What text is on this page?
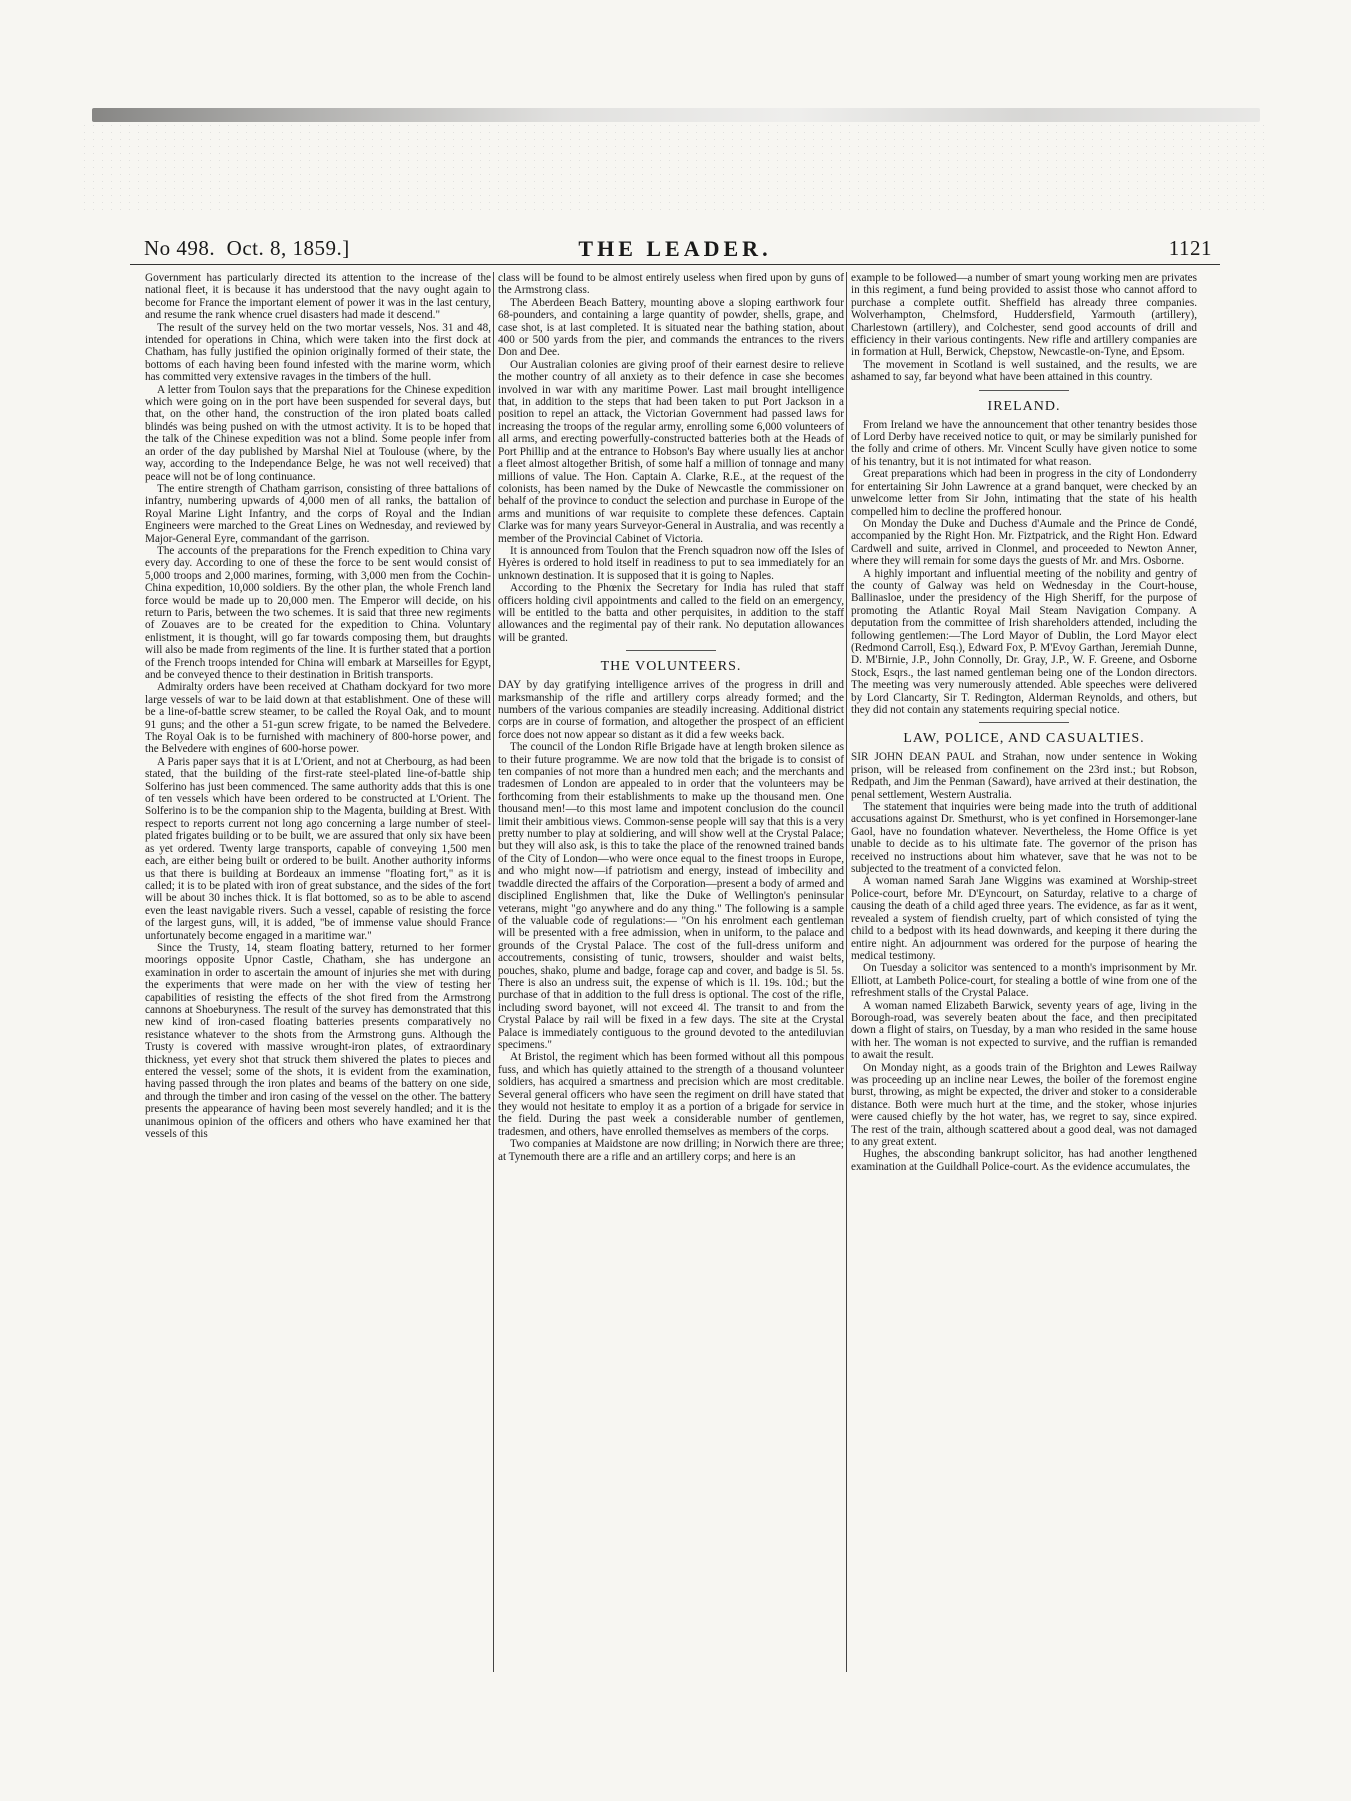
No 498. Oct. 8, 1859.]	THE LEADER.	1121

Government has particularly directed its attention to the increase of the national fleet, it is because it has understood that the navy ought again to become for France the important element of power it was in the last century, and resume the rank whence cruel disasters had made it descend."

The result of the survey held on the two mortar vessels, Nos. 31 and 48, intended for operations in China, which were taken into the first dock at Chatham, has fully justified the opinion originally formed of their state, the bottoms of each having been found infested with the marine worm, which has committed very extensive ravages in the timbers of the hull.

A letter from Toulon says that the preparations for the Chinese expedition which were going on in the port have been suspended for several days, but that, on the other hand, the construction of the iron plated boats called blindés was being pushed on with the utmost activity. It is to be hoped that the talk of the Chinese expedition was not a blind. Some people infer from an order of the day published by Marshal Niel at Toulouse (where, by the way, according to the Independance Belge, he was not well received) that peace will not be of long continuance.

The entire strength of Chatham garrison, consisting of three battalions of infantry, numbering upwards of 4,000 men of all ranks, the battalion of Royal Marine Light Infantry, and the corps of Royal and the Indian Engineers were marched to the Great Lines on Wednesday, and reviewed by Major-General Eyre, commandant of the garrison.

The accounts of the preparations for the French expedition to China vary every day. According to one of these the force to be sent would consist of 5,000 troops and 2,000 marines, forming, with 3,000 men from the Cochin-China expedition, 10,000 soldiers. By the other plan, the whole French land force would be made up to 20,000 men. The Emperor will decide, on his return to Paris, between the two schemes. It is said that three new regiments of Zouaves are to be created for the expedition to China. Voluntary enlistment, it is thought, will go far towards composing them, but draughts will also be made from regiments of the line. It is further stated that a portion of the French troops intended for China will embark at Marseilles for Egypt, and be conveyed thence to their destination in British transports.

Admiralty orders have been received at Chatham dockyard for two more large vessels of war to be laid down at that establishment. One of these will be a line-of-battle screw steamer, to be called the Royal Oak, and to mount 91 guns; and the other a 51-gun screw frigate, to be named the Belvedere. The Royal Oak is to be furnished with machinery of 800-horse power, and the Belvedere with engines of 600-horse power.

A Paris paper says that it is at L'Orient, and not at Cherbourg, as had been stated, that the building of the first-rate steel-plated line-of-battle ship Solferino has just been commenced. The same authority adds that this is one of ten vessels which have been ordered to be constructed at L'Orient. The Solferino is to be the companion ship to the Magenta, building at Brest. With respect to reports current not long ago concerning a large number of steel-plated frigates building or to be built, we are assured that only six have been as yet ordered. Twenty large transports, capable of conveying 1,500 men each, are either being built or ordered to be built. Another authority informs us that there is building at Bordeaux an immense "floating fort," as it is called; it is to be plated with iron of great substance, and the sides of the fort will be about 30 inches thick. It is flat bottomed, so as to be able to ascend even the least navigable rivers. Such a vessel, capable of resisting the force of the largest guns, will, it is added, "be of immense value should France unfortunately become engaged in a maritime war."

Since the Trusty, 14, steam floating battery, returned to her former moorings opposite Upnor Castle, Chatham, she has undergone an examination in order to ascertain the amount of injuries she met with during the experiments that were made on her with the view of testing her capabilities of resisting the effects of the shot fired from the Armstrong cannons at Shoeburyness. The result of the survey has demonstrated that this new kind of iron-cased floating batteries presents comparatively no resistance whatever to the shots from the Armstrong guns. Although the Trusty is covered with massive wrought-iron plates, of extraordinary thickness, yet every shot that struck them shivered the plates to pieces and entered the vessel; some of the shots, it is evident from the examination, having passed through the iron plates and beams of the battery on one side, and through the timber and iron casing of the vessel on the other. The battery presents the appearance of having been most severely handled; and it is the unanimous opinion of the officers and others who have examined her that vessels of this

class will be found to be almost entirely useless when fired upon by guns of the Armstrong class.

The Aberdeen Beach Battery, mounting above a sloping earthwork four 68-pounders, and containing a large quantity of powder, shells, grape, and case shot, is at last completed. It is situated near the bathing station, about 400 or 500 yards from the pier, and commands the entrances to the rivers Don and Dee.

Our Australian colonies are giving proof of their earnest desire to relieve the mother country of all anxiety as to their defence in case she becomes involved in war with any maritime Power. Last mail brought intelligence that, in addition to the steps that had been taken to put Port Jackson in a position to repel an attack, the Victorian Government had passed laws for increasing the troops of the regular army, enrolling some 6,000 volunteers of all arms, and erecting powerfully-constructed batteries both at the Heads of Port Phillip and at the entrance to Hobson's Bay where usually lies at anchor a fleet almost altogether British, of some half a million of tonnage and many millions of value. The Hon. Captain A. Clarke, R.E., at the request of the colonists, has been named by the Duke of Newcastle the commissioner on behalf of the province to conduct the selection and purchase in Europe of the arms and munitions of war requisite to complete these defences. Captain Clarke was for many years Surveyor-General in Australia, and was recently a member of the Provincial Cabinet of Victoria.

It is announced from Toulon that the French squadron now off the Isles of Hyères is ordered to hold itself in readiness to put to sea immediately for an unknown destination. It is supposed that it is going to Naples.

According to the Phœnix the Secretary for India has ruled that staff officers holding civil appointments and called to the field on an emergency, will be entitled to the batta and other perquisites, in addition to the staff allowances and the regimental pay of their rank. No deputation allowances will be granted.

THE VOLUNTEERS.

DAY by day gratifying intelligence arrives of the progress in drill and marksmanship of the rifle and artillery corps already formed; and the numbers of the various companies are steadily increasing. Additional district corps are in course of formation, and altogether the prospect of an efficient force does not now appear so distant as it did a few weeks back.

The council of the London Rifle Brigade have at length broken silence as to their future programme. We are now told that the brigade is to consist of ten companies of not more than a hundred men each; and the merchants and tradesmen of London are appealed to in order that the volunteers may be forthcoming from their establishments to make up the thousand men. One thousand men!—to this most lame and impotent conclusion do the council limit their ambitious views. Common-sense people will say that this is a very pretty number to play at soldiering, and will show well at the Crystal Palace; but they will also ask, is this to take the place of the renowned trained bands of the City of London—who were once equal to the finest troops in Europe, and who might now—if patriotism and energy, instead of imbecility and twaddle directed the affairs of the Corporation—present a body of armed and disciplined Englishmen that, like the Duke of Wellington's peninsular veterans, might "go anywhere and do any thing." The following is a sample of the valuable code of regulations:— "On his enrolment each gentleman will be presented with a free admission, when in uniform, to the palace and grounds of the Crystal Palace. The cost of the full-dress uniform and accoutrements, consisting of tunic, trowsers, shoulder and waist belts, pouches, shako, plume and badge, forage cap and cover, and badge is 5l. 5s. There is also an undress suit, the expense of which is 1l. 19s. 10d.; but the purchase of that in addition to the full dress is optional. The cost of the rifle, including sword bayonet, will not exceed 4l. The transit to and from the Crystal Palace by rail will be fixed in a few days. The site at the Crystal Palace is immediately contiguous to the ground devoted to the antediluvian specimens."

At Bristol, the regiment which has been formed without all this pompous fuss, and which has quietly attained to the strength of a thousand volunteer soldiers, has acquired a smartness and precision which are most creditable. Several general officers who have seen the regiment on drill have stated that they would not hesitate to employ it as a portion of a brigade for service in the field. During the past week a considerable number of gentlemen, tradesmen, and others, have enrolled themselves as members of the corps.

Two companies at Maidstone are now drilling; in Norwich there are three; at Tynemouth there are a rifle and an artillery corps; and here is an

example to be followed—a number of smart young working men are privates in this regiment, a fund being provided to assist those who cannot afford to purchase a complete outfit. Sheffield has already three companies. Wolverhampton, Chelmsford, Huddersfield, Yarmouth (artillery), Charlestown (artillery), and Colchester, send good accounts of drill and efficiency in their various contingents. New rifle and artillery companies are in formation at Hull, Berwick, Chepstow, Newcastle-on-Tyne, and Epsom.

The movement in Scotland is well sustained, and the results, we are ashamed to say, far beyond what have been attained in this country.

IRELAND.

From Ireland we have the announcement that other tenantry besides those of Lord Derby have received notice to quit, or may be similarly punished for the folly and crime of others. Mr. Vincent Scully have given notice to some of his tenantry, but it is not intimated for what reason.

Great preparations which had been in progress in the city of Londonderry for entertaining Sir John Lawrence at a grand banquet, were checked by an unwelcome letter from Sir John, intimating that the state of his health compelled him to decline the proffered honour.

On Monday the Duke and Duchess d'Aumale and the Prince de Condé, accompanied by the Right Hon. Mr. Fiztpatrick, and the Right Hon. Edward Cardwell and suite, arrived in Clonmel, and proceeded to Newton Anner, where they will remain for some days the guests of Mr. and Mrs. Osborne.

A highly important and influential meeting of the nobility and gentry of the county of Galway was held on Wednesday in the Court-house, Ballinasloe, under the presidency of the High Sheriff, for the purpose of promoting the Atlantic Royal Mail Steam Navigation Company. A deputation from the committee of Irish shareholders attended, including the following gentlemen:—The Lord Mayor of Dublin, the Lord Mayor elect (Redmond Carroll, Esq.), Edward Fox, P. M'Evoy Garthan, Jeremiah Dunne, D. M'Birnie, J.P., John Connolly, Dr. Gray, J.P., W. F. Greene, and Osborne Stock, Esqrs., the last named gentleman being one of the London directors. The meeting was very numerously attended. Able speeches were delivered by Lord Clancarty, Sir T. Redington, Alderman Reynolds, and others, but they did not contain any statements requiring special notice.

LAW, POLICE, AND CASUALTIES.

SIR JOHN DEAN PAUL and Strahan, now under sentence in Woking prison, will be released from confinement on the 23rd inst.; but Robson, Redpath, and Jim the Penman (Saward), have arrived at their destination, the penal settlement, Western Australia.

The statement that inquiries were being made into the truth of additional accusations against Dr. Smethurst, who is yet confined in Horsemonger-lane Gaol, have no foundation whatever. Nevertheless, the Home Office is yet unable to decide as to his ultimate fate. The governor of the prison has received no instructions about him whatever, save that he was not to be subjected to the treatment of a convicted felon.

A woman named Sarah Jane Wiggins was examined at Worship-street Police-court, before Mr. D'Eyncourt, on Saturday, relative to a charge of causing the death of a child aged three years. The evidence, as far as it went, revealed a system of fiendish cruelty, part of which consisted of tying the child to a bedpost with its head downwards, and keeping it there during the entire night. An adjournment was ordered for the purpose of hearing the medical testimony.

On Tuesday a solicitor was sentenced to a month's imprisonment by Mr. Elliott, at Lambeth Police-court, for stealing a bottle of wine from one of the refreshment stalls of the Crystal Palace.

A woman named Elizabeth Barwick, seventy years of age, living in the Borough-road, was severely beaten about the face, and then precipitated down a flight of stairs, on Tuesday, by a man who resided in the same house with her. The woman is not expected to survive, and the ruffian is remanded to await the result.

On Monday night, as a goods train of the Brighton and Lewes Railway was proceeding up an incline near Lewes, the boiler of the foremost engine burst, throwing, as might be expected, the driver and stoker to a considerable distance. Both were much hurt at the time, and the stoker, whose injuries were caused chiefly by the hot water, has, we regret to say, since expired. The rest of the train, although scattered about a good deal, was not damaged to any great extent.

Hughes, the absconding bankrupt solicitor, has had another lengthened examination at the Guildhall Police-court. As the evidence accumulates, the
